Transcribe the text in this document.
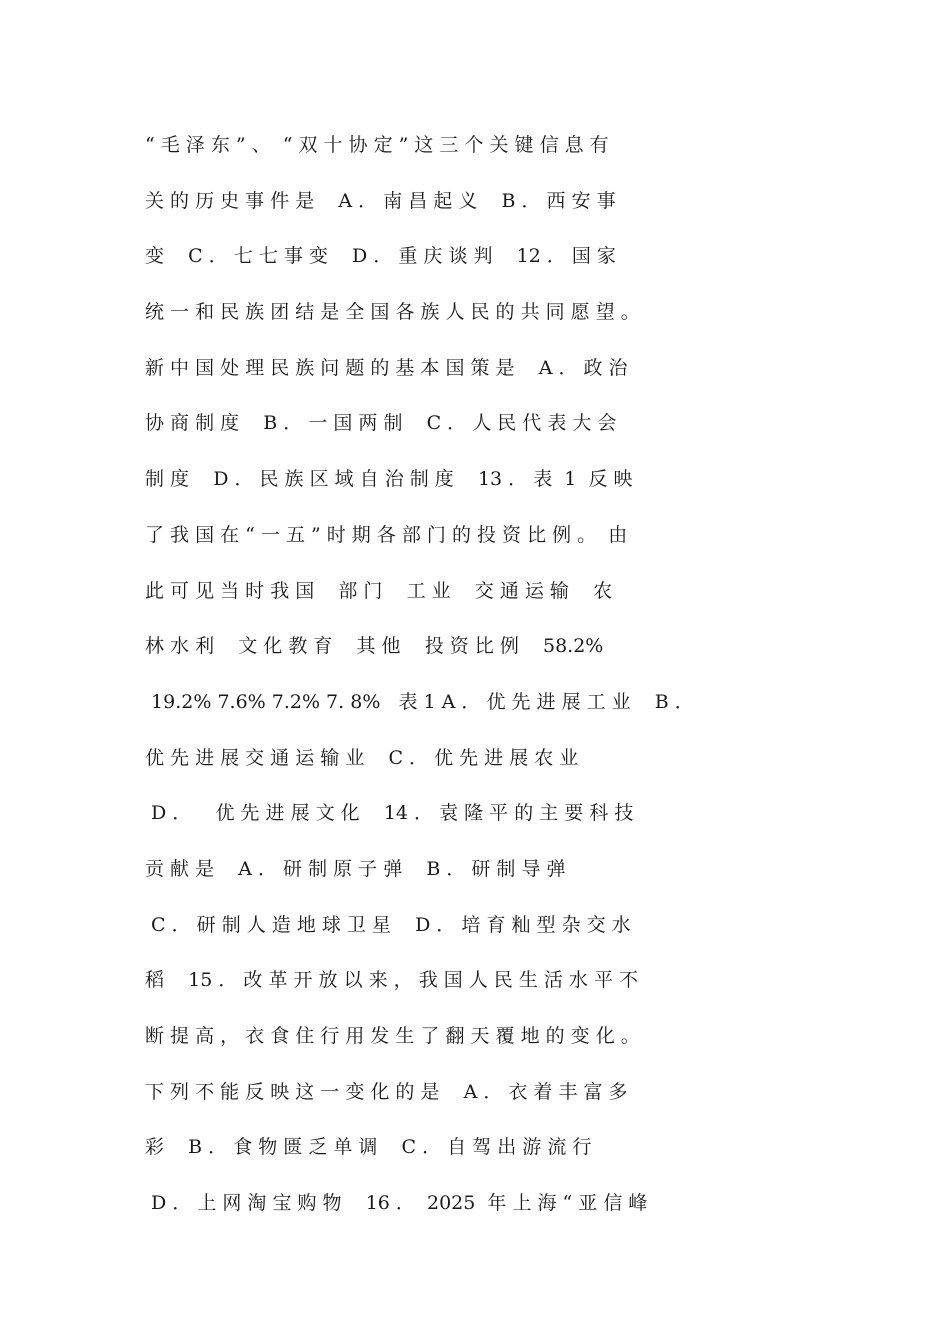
“ 毛 泽 东 ” 、  “ 双 十 协 定 ” 这 三 个 关 键 信 息 有
关 的 历 史 事 件 是    A ． 南 昌 起 义    B ． 西 安 事
变    C ． 七 七 事 变    D ． 重 庆 谈 判    12 ． 国 家
统 一 和 民 族 团 结 是 全 国 各 族 人 民 的 共 同 愿 望 。
新 中 国 处 理 民 族 问 题 的 基 本 国 策 是    A ． 政 治
协 商 制 度    B ． 一 国 两 制    C ． 人 民 代 表 大 会
制 度    D ． 民 族 区 域 自 治 制 度    13 ． 表  1  反 映
了 我 国 在 “ 一 五 ” 时 期 各 部 门 的 投 资 比 例 。  由
此 可 见 当 时 我 国    部 门    工 业    交 通 运 输    农
林 水 利    文 化 教 育    其 他    投 资 比 例    58.2%
19.2% 7.6% 7.2% 7. 8%   表 1 A ． 优 先 进 展 工 业    B ．
优 先 进 展 交 通 运 输 业    C ． 优 先 进 展 农 业
D ．    优 先 进 展 文 化    14 ． 袁 隆 平 的 主 要 科 技
贡 献 是    A ． 研 制 原 子 弹    B ． 研 制 导 弹
C ． 研 制 人 造 地 球 卫 星    D ． 培 育 籼 型 杂 交 水
稻    15 ． 改 革 开 放 以 来 ， 我 国 人 民 生 活 水 平 不
断 提 高 ， 衣 食 住 行 用 发 生 了 翻 天 覆 地 的 变 化 。
下 列 不 能 反 映 这 一 变 化 的 是    A ． 衣 着 丰 富 多
彩    B ． 食 物 匮 乏 单 调    C ． 自 驾 出 游 流 行
D ． 上 网 淘 宝 购 物    16 ．  2025  年 上 海 “ 亚 信 峰
